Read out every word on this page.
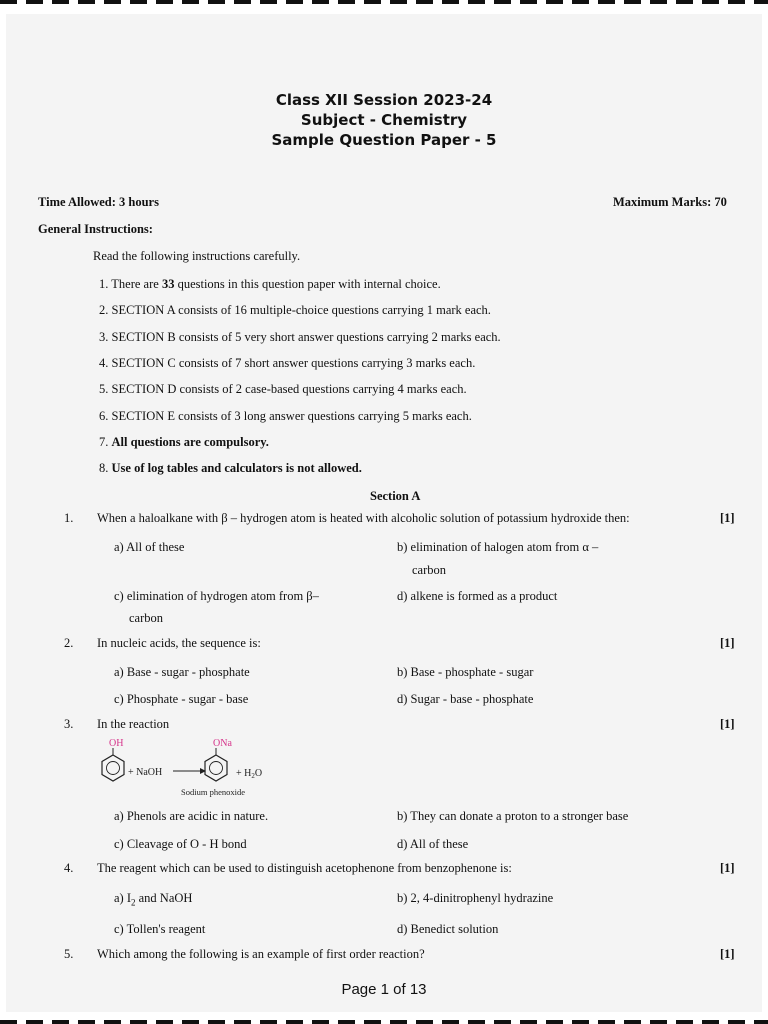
Class XII Session 2023-24
Subject - Chemistry
Sample Question Paper - 5
Time Allowed: 3 hours	Maximum Marks: 70
General Instructions:
Read the following instructions carefully.
1. There are 33 questions in this question paper with internal choice.
2. SECTION A consists of 16 multiple-choice questions carrying 1 mark each.
3. SECTION B consists of 5 very short answer questions carrying 2 marks each.
4. SECTION C consists of 7 short answer questions carrying 3 marks each.
5. SECTION D consists of 2 case-based questions carrying 4 marks each.
6. SECTION E consists of 3 long answer questions carrying 5 marks each.
7. All questions are compulsory.
8. Use of log tables and calculators is not allowed.
Section A
1. When a haloalkane with β – hydrogen atom is heated with alcoholic solution of potassium hydroxide then:	[1]
a) All of these	b) elimination of halogen atom from α –
carbon
c) elimination of hydrogen atom from β–
carbon
d) alkene is formed as a product
2. In nucleic acids, the sequence is:	[1]
a) Base - sugar - phosphate	b) Base - phosphate - sugar
c) Phosphate - sugar - base	d) Sugar - base - phosphate
3. In the reaction	[1]
OH
+ NaOH
ONa
+ $H_2O$
Sodium phenoxide
a) Phenols are acidic in nature.	b) They can donate a proton to a stronger base
c) Cleavage of O - H bond	d) All of these
4. The reagent which can be used to distinguish acetophenone from benzophenone is:	[1]
a) $I_2$ and NaOH	b) 2, 4-dinitrophenyl hydrazine
c) Tollen's reagent	d) Benedict solution
5. Which among the following is an example of first order reaction?	[1]
Page 1 of 13
